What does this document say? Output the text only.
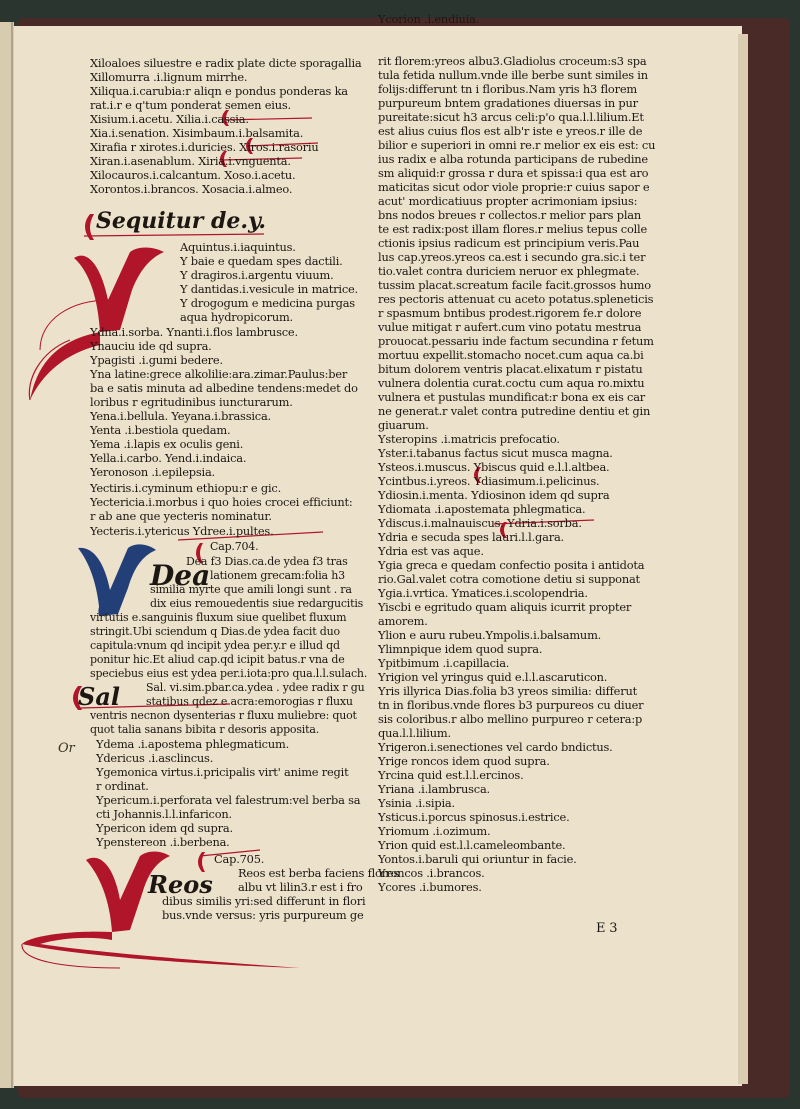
Dea
Sal
Reos
Sequitur de.y.
Or
E 3
Xiloaloes siluestre e radix plate dicte sporagallia
Xillomurra .i.lignum mirrhe.
Xiliqua.i.carubia:r aliqn e pondus ponderas ka
rat.i.r e q'tum ponderat semen eius.
Xisium.i.acetu. Xilia.i.cassia.
Xia.i.senation. Xisimbaum.i.balsamita.
Xirafia r xirotes.i.duricies. Xiros.i.rasoriu
Xiran.i.asenablum. Xiria.i.vnguenta.
Xilocauros.i.calcantum. Xoso.i.acetu.
Xorontos.i.brancos. Xosacia.i.almeo.
Aquintus.i.iaquintus.
Y baie e quedam spes dactili.
Y dragiros.i.argentu viuum.
Y dantidas.i.vesicule in matrice.
Y drogogum e medicina purgas
aqua hydropicorum.
Ydna.i.sorba. Ynanti.i.flos lambrusce.
Ynauciu ide qd supra.
Ypagisti .i.gumi bedere.
Yna latine:grece alkolilie:ara.zimar.Paulus:ber
ba e satis minuta ad albedine tendens:medet do
loribus r egritudinibus iuncturarum.
Yena.i.bellula. Yeyana.i.brassica.
Yenta .i.bestiola quedam.
Yema .i.lapis ex oculis geni.
Yella.i.carbo. Yend.i.indaica.
Yeronoson .i.epilepsia.
Yectiris.i.cyminum ethiopu:r e gic.
Yectericia.i.morbus i quo hoies crocei efficiunt:
r ab ane que yecteris nominatur.
Yecteris.i.ytericus Ydree.i.pultes.
Cap.704.
Dea f3 Dias.ca.de ydea f3 tras
lationem grecam:folia h3
similia myrte que amili longi sunt . ra
dix eius remouedentis siue redargucitis
virtutis e.sanguinis fluxum siue quelibet fluxum
stringit.Ubi sciendum q Dias.de ydea facit duo
capitula:vnum qd incipit ydea per.y.r e illud qd
ponitur hic.Et aliud cap.qd icipit batus.r vna de
speciebus eius est ydea per.i.iota:pro qua.l.l.sulach.
Sal. vi.sim.pbar.ca.ydea . ydee radix r gu
statibus qdez e acra:emorogias r fluxu
ventris necnon dysenterias r fluxu muliebre: quot
quot talia sanans bibita r desoris apposita.
Ydema .i.apostema phlegmaticum.
Ydericus .i.asclincus.
Ygemonica virtus.i.pricipalis virt' anime regit
r ordinat.
Ypericum.i.perforata vel falestrum:vel berba sa
cti Johannis.l.l.infaricon.
Ypericon idem qd supra.
Ypenstereon .i.berbena.
Cap.705.
Reos est berba faciens flores
albu vt lilin3.r est i fro
dibus similis yri:sed differunt in flori
bus.vnde versus: yris purpureum ge
rit florem:yreos albu3.Gladiolus croceum:s3 spa
tula fetida nullum.vnde ille berbe sunt similes in
folijs:differunt tn i floribus.Nam yris h3 florem
purpureum bntem gradationes diuersas in pur
pureitate:sicut h3 arcus celi:p'o qua.l.l.lilium.Et
est alius cuius flos est alb'r iste e yreos.r ille de
bilior e superiori in omni re.r melior ex eis est: cu
ius radix e alba rotunda participans de rubedine
sm aliquid:r grossa r dura et spissa:i qua est aro
maticitas sicut odor viole proprie:r cuius sapor e
acut' mordicatiuus propter acrimoniam ipsius:
bns nodos breues r collectos.r melior pars plan
te est radix:post illam flores.r melius tepus colle
ctionis ipsius radicum est principium veris.Pau
lus cap.yreos.yreos ca.est i secundo gra.sic.i ter
tio.valet contra duriciem neruor ex phlegmate.
tussim placat.screatum facile facit.grossos humo
res pectoris attenuat cu aceto potatus.spleneticis
r spasmum bntibus prodest.rigorem fe.r dolore
vulue mitigat r aufert.cum vino potatu mestrua
prouocat.pessariu inde factum secundina r fetum
mortuu expellit.stomacho nocet.cum aqua ca.bi
bitum dolorem ventris placat.elixatum r pistatu
vulnera dolentia curat.coctu cum aqua ro.mixtu
vulnera et pustulas mundificat:r bona ex eis car
ne generat.r valet contra putredine dentiu et gin
giuarum.
Ysteropins .i.matricis prefocatio.
Yster.i.tabanus factus sicut musca magna.
Ysteos.i.muscus. Ybiscus quid e.l.l.altbea.
Ycintbus.i.yreos. Ydiasimum.i.pelicinus.
Ydiosin.i.menta. Ydiosinon idem qd supra
Ydiomata .i.apostemata phlegmatica.
Ydiscus.i.malnauiscus. Ydria.i.sorba.
Ydria e secuda spes lauri.l.l.gara.
Ydria est vas aque.
Ygia greca e quedam confectio posita i antidota
rio.Gal.valet cotra comotione detiu si supponat
Ygia.i.vrtica. Ymatices.i.scolopendria.
Yiscbi e egritudo quam aliquis icurrit propter
amorem.
Ylion e auru rubeu.Ympolis.i.balsamum.
Ylimnpique idem quod supra.
Ypitbimum .i.capillacia.
Yrigion vel yringus quid e.l.l.ascaruticon.
Yris illyrica Dias.folia b3 yreos similia: differut
tn in floribus.vnde flores b3 purpureos cu diuer
sis coloribus.r albo mellino purpureo r cetera:p
qua.l.l.lilium.
Yrigeron.i.senectiones vel cardo bndictus.
Yrige roncos idem quod supra.
Yrcina quid est.l.l.ercinos.
Yriana .i.lambrusca.
Ysinia .i.sipia.
Ysticus.i.porcus spinosus.i.estrice.
Yriomum .i.ozimum.
Yrion quid est.l.l.cameleombante.
Yontos.i.baruli qui oriuntur in facie.
Yroncos .i.brancos.
Ycores .i.bumores.
Ycorion .i.endiuia.
